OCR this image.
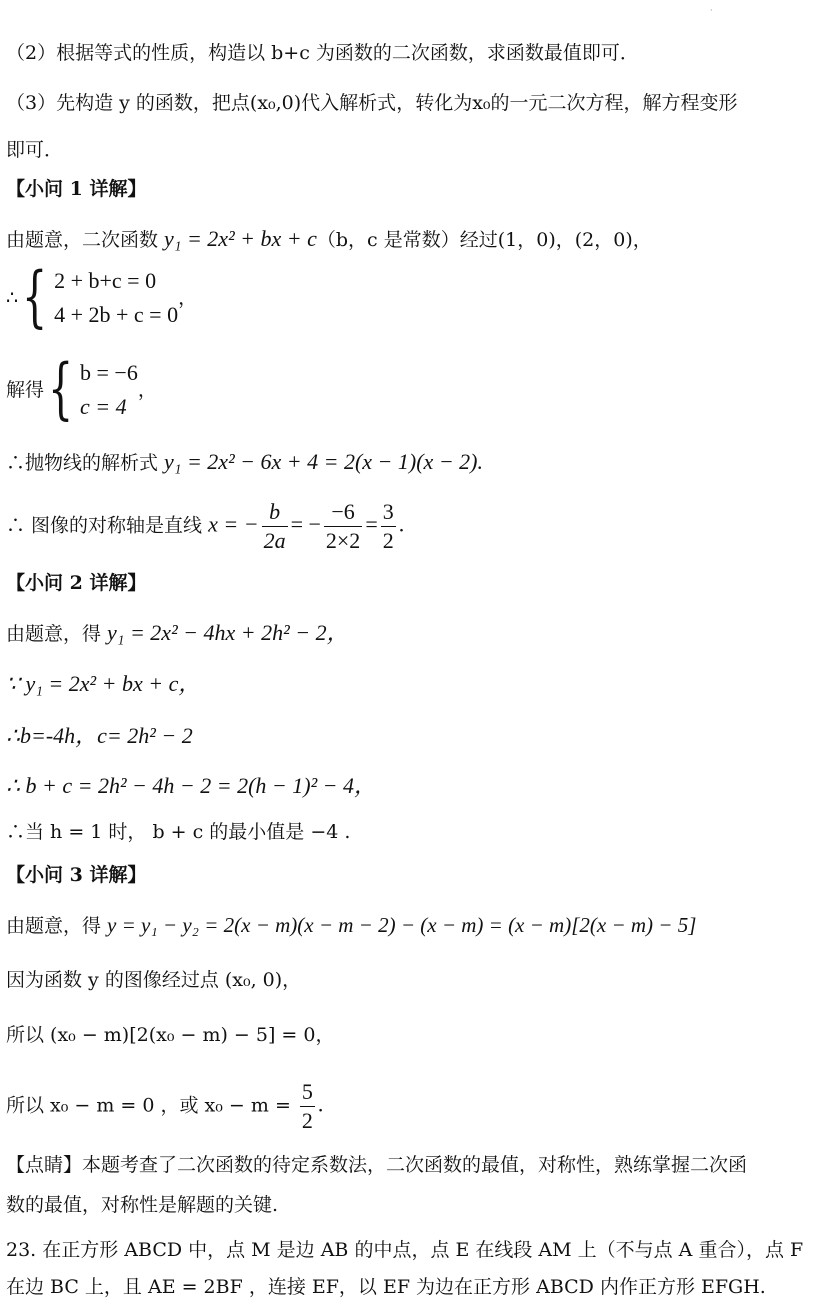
·
（2）根据等式的性质，构造以 b+c 为函数的二次函数，求函数最值即可．
（3）先构造 y 的函数，把点(x₀,0)代入解析式，转化为x₀的一元二次方程，解方程变形
即可．
【小问 1 详解】
由题意，二次函数 y₁ = 2x² + bx + c（b，c 是常数）经过(1，0)，(2，0)，
∴ { 2 + b+c = 0
4 + 2b + c = 0
，
解得 { b = −6
c = 4
，
∴抛物线的解析式 y₁ = 2x² − 6x + 4 = 2(x − 1)(x − 2).
∴ 图像的对称轴是直线 x = − $\frac{b}{2a}$ = − $\frac{-6}{2\times 2} = \frac{3}{2}$ .
【小问 2 详解】
由题意，得 y₁ = 2x² − 4hx + 2h² − 2，
∵ y₁ = 2x² + bx + c，
∴b=-4h，c= 2h² − 2
∴ b + c = 2h² − 4h − 2 = 2(h − 1)² − 4，
∴当 h = 1 时， b + c 的最小值是 −4 .
【小问 3 详解】
由题意，得 y = y₁ − y₂ = 2(x − m)(x − m − 2) − (x − m) = (x − m)[2(x − m) − 5]
因为函数 y 的图像经过点 (x₀, 0)，
所以 (x₀ − m)[2(x₀ − m) − 5] = 0，
所以 x₀ − m = 0 ，或 $x_0 - m = \frac{5}{2}$ .
【点睛】本题考查了二次函数的待定系数法，二次函数的最值，对称性，熟练掌握二次函
数的最值，对称性是解题的关键.
23. 在正方形 ABCD 中，点 M 是边 AB 的中点，点 E 在线段 AM 上（不与点 A 重合），点 F
在边 BC 上，且 AE = 2BF ，连接 EF，以 EF 为边在正方形 ABCD 内作正方形 EFGH.
